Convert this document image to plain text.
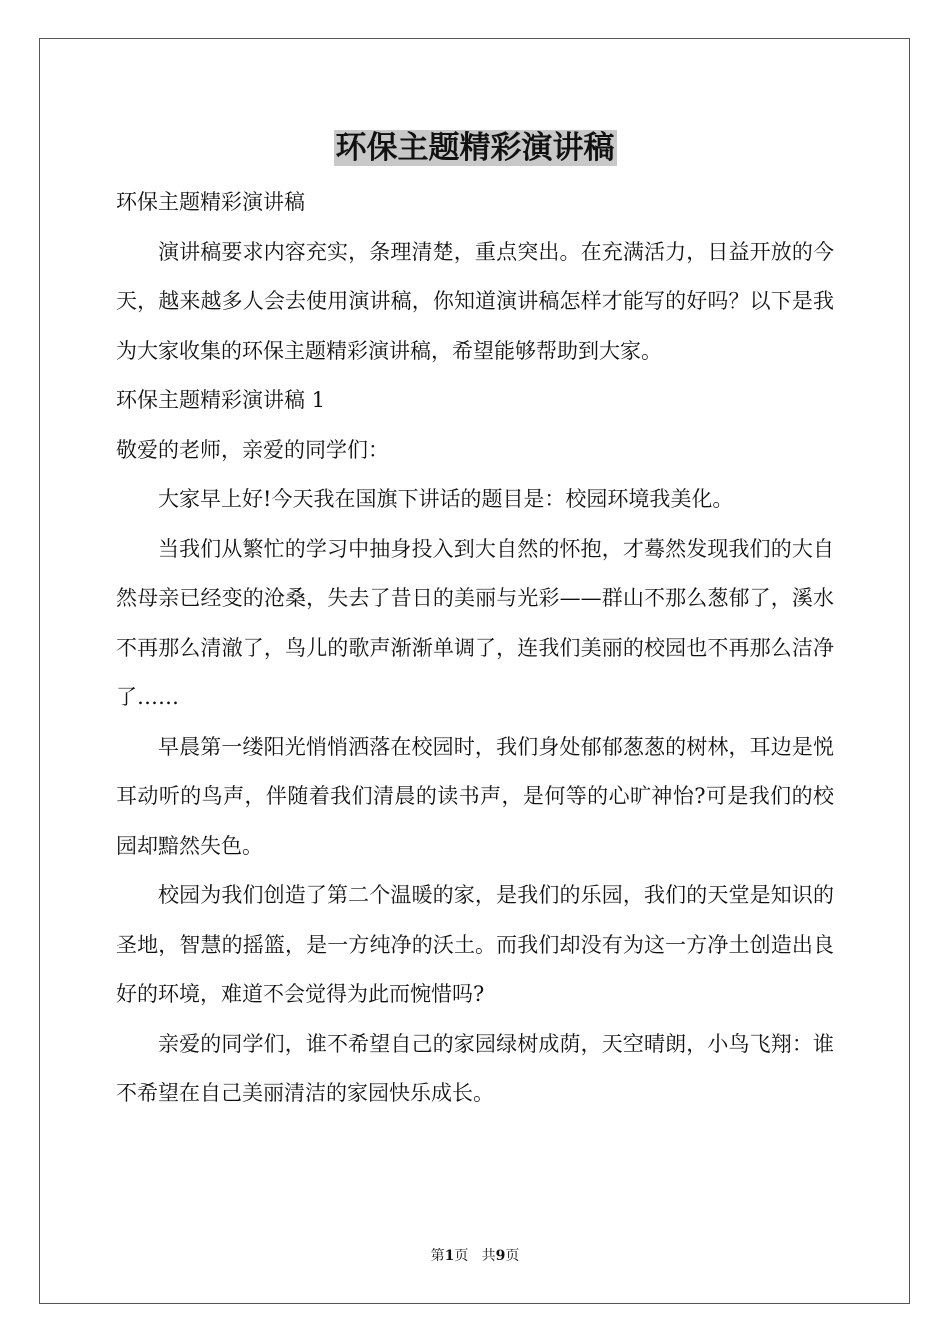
环保主题精彩演讲稿

环保主题精彩演讲稿

演讲稿要求内容充实，条理清楚，重点突出。在充满活力，日益开放的今天，越来越多人会去使用演讲稿，你知道演讲稿怎样才能写的好吗？以下是我为大家收集的环保主题精彩演讲稿，希望能够帮助到大家。

环保主题精彩演讲稿 1

敬爱的老师，亲爱的同学们：

大家早上好!今天我在国旗下讲话的题目是：校园环境我美化。

当我们从繁忙的学习中抽身投入到大自然的怀抱，才蓦然发现我们的大自然母亲已经变的沧桑，失去了昔日的美丽与光彩——群山不那么葱郁了，溪水不再那么清澈了，鸟儿的歌声渐渐单调了，连我们美丽的校园也不再那么洁净了……

早晨第一缕阳光悄悄洒落在校园时，我们身处郁郁葱葱的树林，耳边是悦耳动听的鸟声，伴随着我们清晨的读书声，是何等的心旷神怡?可是我们的校园却黯然失色。

校园为我们创造了第二个温暖的家，是我们的乐园，我们的天堂是知识的圣地，智慧的摇篮，是一方纯净的沃土。而我们却没有为这一方净土创造出良好的环境，难道不会觉得为此而惋惜吗?

亲爱的同学们，谁不希望自己的家园绿树成荫，天空晴朗，小鸟飞翔：谁不希望在自己美丽清洁的家园快乐成长。

第1页 共9页
